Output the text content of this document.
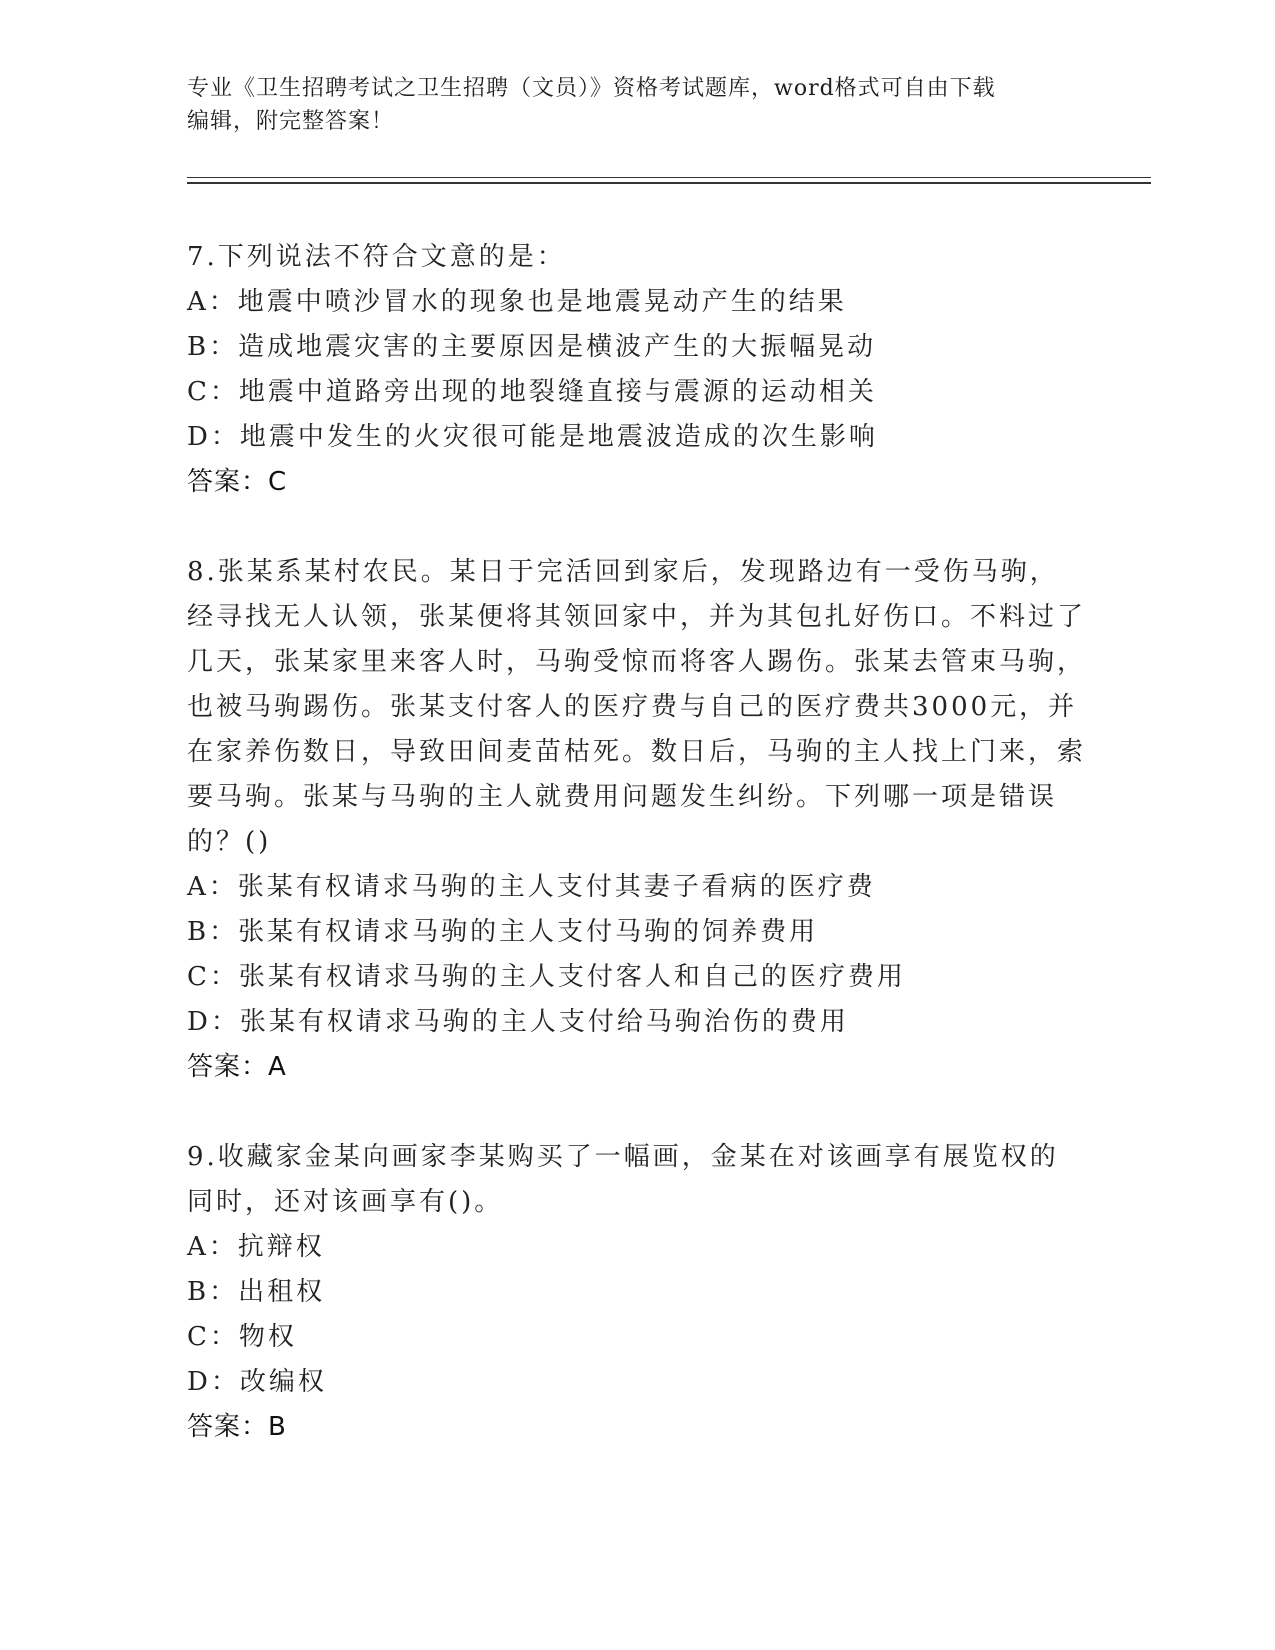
专业《卫生招聘考试之卫生招聘（文员）》资格考试题库，word格式可自由下载
编辑，附完整答案！
7.下列说法不符合文意的是：
A：地震中喷沙冒水的现象也是地震晃动产生的结果
B：造成地震灾害的主要原因是横波产生的大振幅晃动
C：地震中道路旁出现的地裂缝直接与震源的运动相关
D：地震中发生的火灾很可能是地震波造成的次生影响
答案：C
8.张某系某村农民。某日于完活回到家后，发现路边有一受伤马驹，经寻找无人认领，张某便将其领回家中，并为其包扎好伤口。不料过了几天，张某家里来客人时，马驹受惊而将客人踢伤。张某去管束马驹，也被马驹踢伤。张某支付客人的医疗费与自己的医疗费共3000元，并在家养伤数日，导致田间麦苗枯死。数日后，马驹的主人找上门来，索要马驹。张某与马驹的主人就费用问题发生纠纷。下列哪一项是错误的？()
A：张某有权请求马驹的主人支付其妻子看病的医疗费
B：张某有权请求马驹的主人支付马驹的饲养费用
C：张某有权请求马驹的主人支付客人和自己的医疗费用
D：张某有权请求马驹的主人支付给马驹治伤的费用
答案：A
9.收藏家金某向画家李某购买了一幅画，金某在对该画享有展览权的同时，还对该画享有()。
A：抗辩权
B：出租权
C：物权
D：改编权
答案：B
